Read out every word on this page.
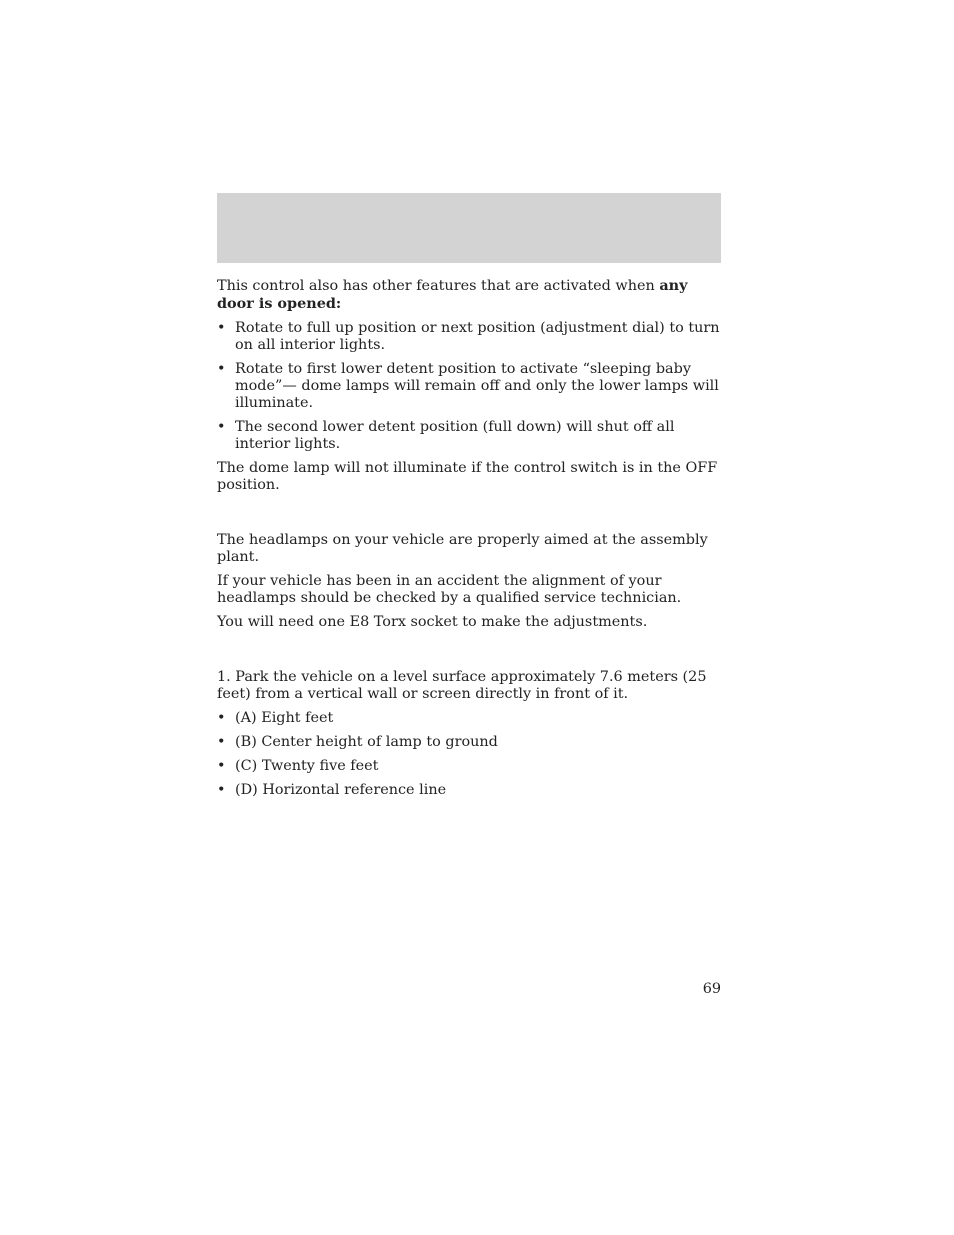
This control also has other features that are activated when any door is opened:

• Rotate to full up position or next position (adjustment dial) to turn on all interior lights.
• Rotate to first lower detent position to activate “sleeping baby mode”— dome lamps will remain off and only the lower lamps will illuminate.
• The second lower detent position (full down) will shut off all interior lights.

The dome lamp will not illuminate if the control switch is in the OFF position.

The headlamps on your vehicle are properly aimed at the assembly plant.

If your vehicle has been in an accident the alignment of your headlamps should be checked by a qualified service technician.

You will need one E8 Torx socket to make the adjustments.

1. Park the vehicle on a level surface approximately 7.6 meters (25 feet) from a vertical wall or screen directly in front of it.

• (A) Eight feet
• (B) Center height of lamp to ground
• (C) Twenty five feet
• (D) Horizontal reference line
69
